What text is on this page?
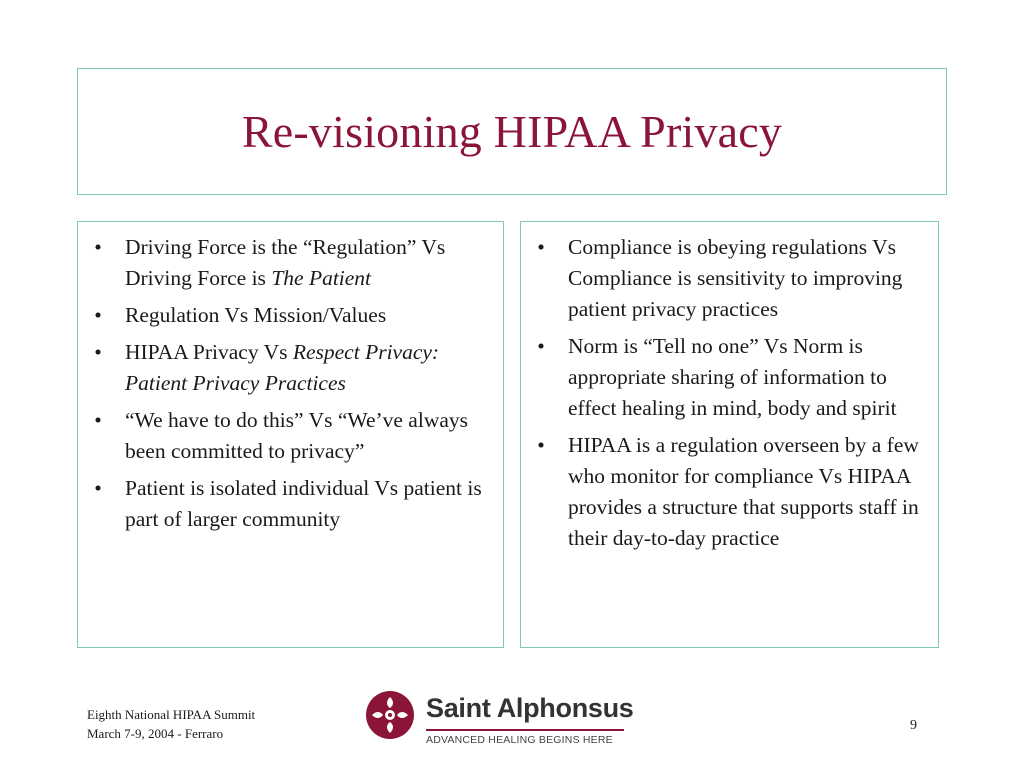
Re-visioning HIPAA Privacy
• Driving Force is the “Regulation” Vs Driving Force is The Patient
• Regulation Vs Mission/Values
• HIPAA Privacy Vs Respect Privacy: Patient Privacy Practices
• “We have to do this” Vs “We’ve always been committed to privacy”
• Patient is isolated individual Vs patient is part of larger community
• Compliance is obeying regulations Vs Compliance is sensitivity to improving patient privacy practices
• Norm is “Tell no one” Vs Norm is appropriate sharing of information to effect healing in mind, body and spirit
• HIPAA is a regulation overseen by a few who monitor for compliance Vs HIPAA provides a structure that supports staff in their day-to-day practice
Eighth National HIPAA Summit
March 7-9, 2004 - Ferraro
Saint Alphonsus
ADVANCED HEALING BEGINS HERE
9
